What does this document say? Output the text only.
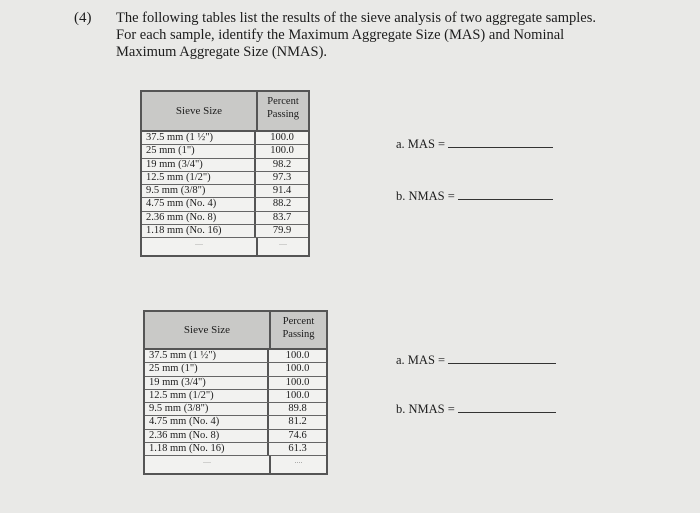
(4) The following tables list the results of the sieve analysis of two aggregate samples.
For each sample, identify the Maximum Aggregate Size (MAS) and Nominal
Maximum Aggregate Size (NMAS).
Sieve Size
Percent
Passing
37.5 mm (1 ½")	100.0
25 mm (1")	100.0
19 mm (3/4")	98.2
12.5 mm (1/2")	97.3
9.5 mm (3/8")	91.4
4.75 mm (No. 4)	88.2
2.36 mm (No. 8)	83.7
1.18 mm (No. 16)	79.9
....	....
Sieve Size
Percent
Passing
37.5 mm (1 ½")	100.0
25 mm (1")	100.0
19 mm (3/4")	100.0
12.5 mm (1/2")	100.0
9.5 mm (3/8")	89.8
4.75 mm (No. 4)	81.2
2.36 mm (No. 8)	74.6
1.18 mm (No. 16)	61.3
....	....
a. MAS =
b. NMAS =
a. MAS =
b. NMAS =
